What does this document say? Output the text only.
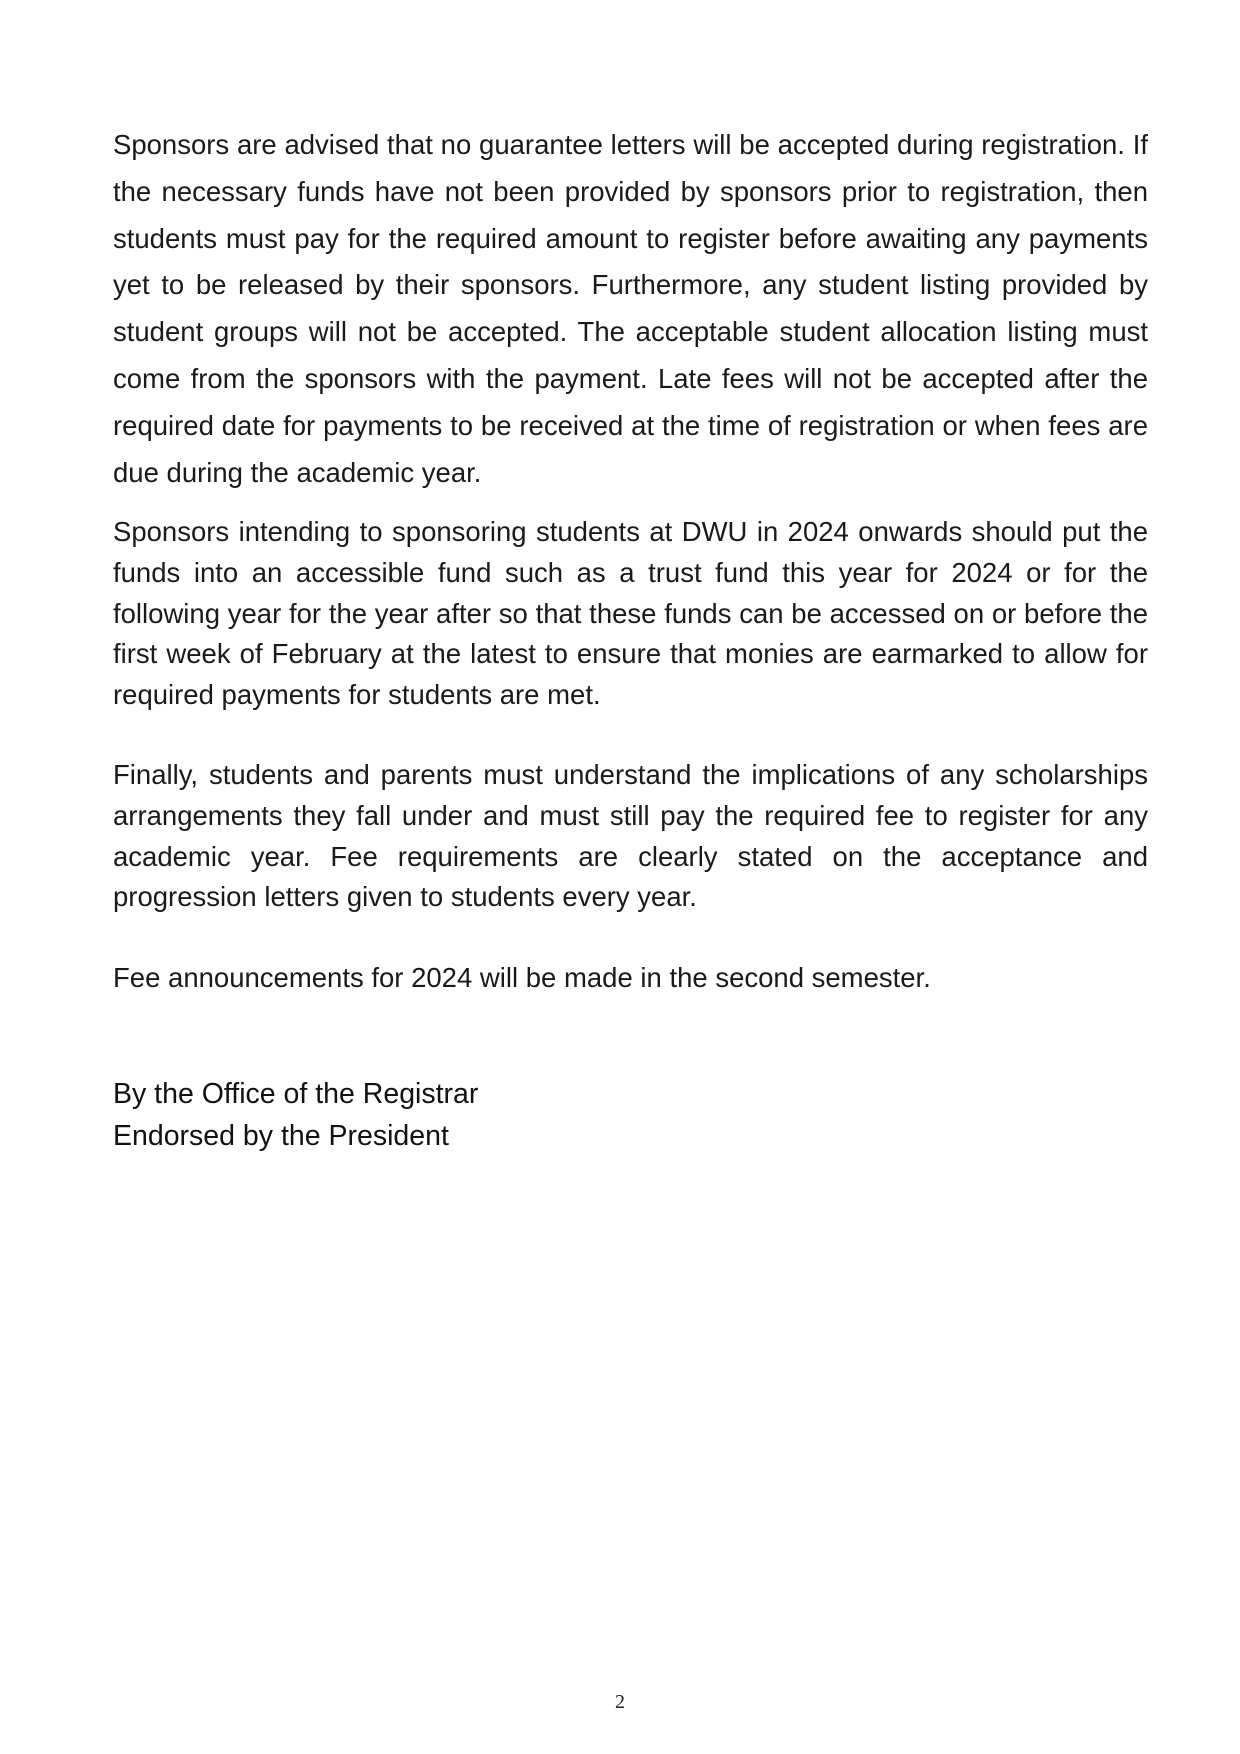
Sponsors are advised that no guarantee letters will be accepted during registration. If the necessary funds have not been provided by sponsors prior to registration, then students must pay for the required amount to register before awaiting any payments yet to be released by their sponsors. Furthermore, any student listing provided by student groups will not be accepted. The acceptable student allocation listing must come from the sponsors with the payment. Late fees will not be accepted after the required date for payments to be received at the time of registration or when fees are due during the academic year.

Sponsors intending to sponsoring students at DWU in 2024 onwards should put the funds into an accessible fund such as a trust fund this year for 2024 or for the following year for the year after so that these funds can be accessed on or before the first week of February at the latest to ensure that monies are earmarked to allow for required payments for students are met.

Finally, students and parents must understand the implications of any scholarships arrangements they fall under and must still pay the required fee to register for any academic year. Fee requirements are clearly stated on the acceptance and progression letters given to students every year.

Fee announcements for 2024 will be made in the second semester.

By the Office of the Registrar
Endorsed by the President
2
